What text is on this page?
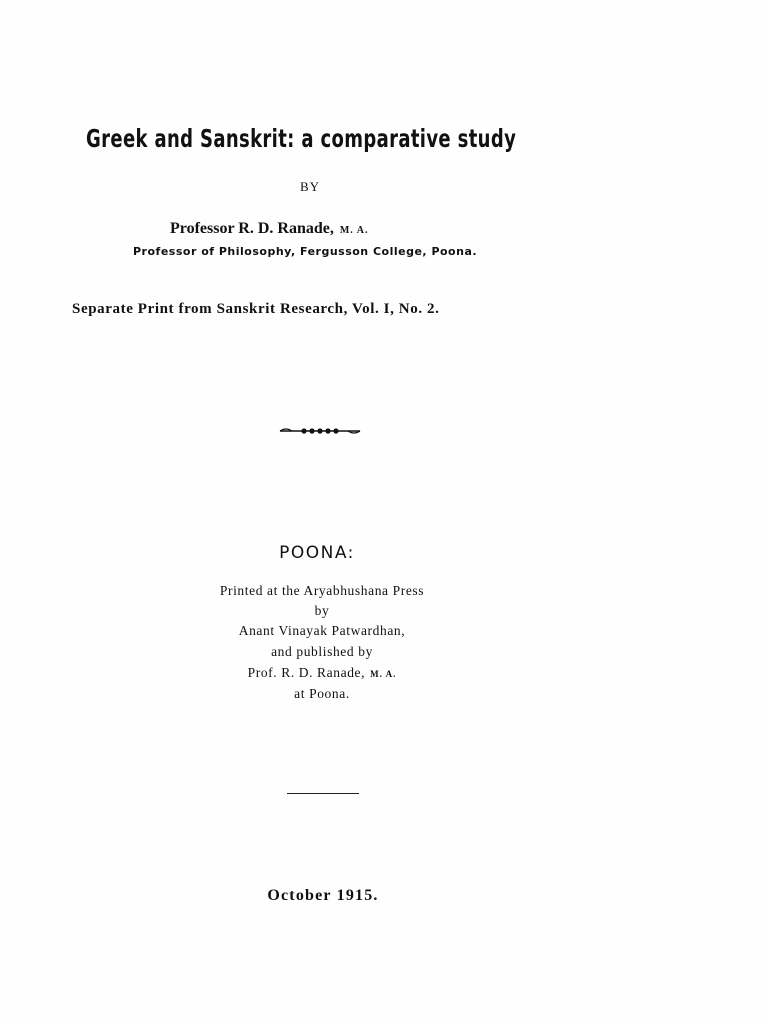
Greek and Sanskrit: a comparative study
BY
Professor R. D. Ranade, M. A.
Professor of Philosophy, Fergusson College, Poona.
Separate Print from Sanskrit Research, Vol. I, No. 2.
POONA:
Printed at the Aryabhushana Press
by
Anant Vinayak Patwardhan,
and published by
Prof. R. D. Ranade, M. A.
at Poona.
October 1915.
